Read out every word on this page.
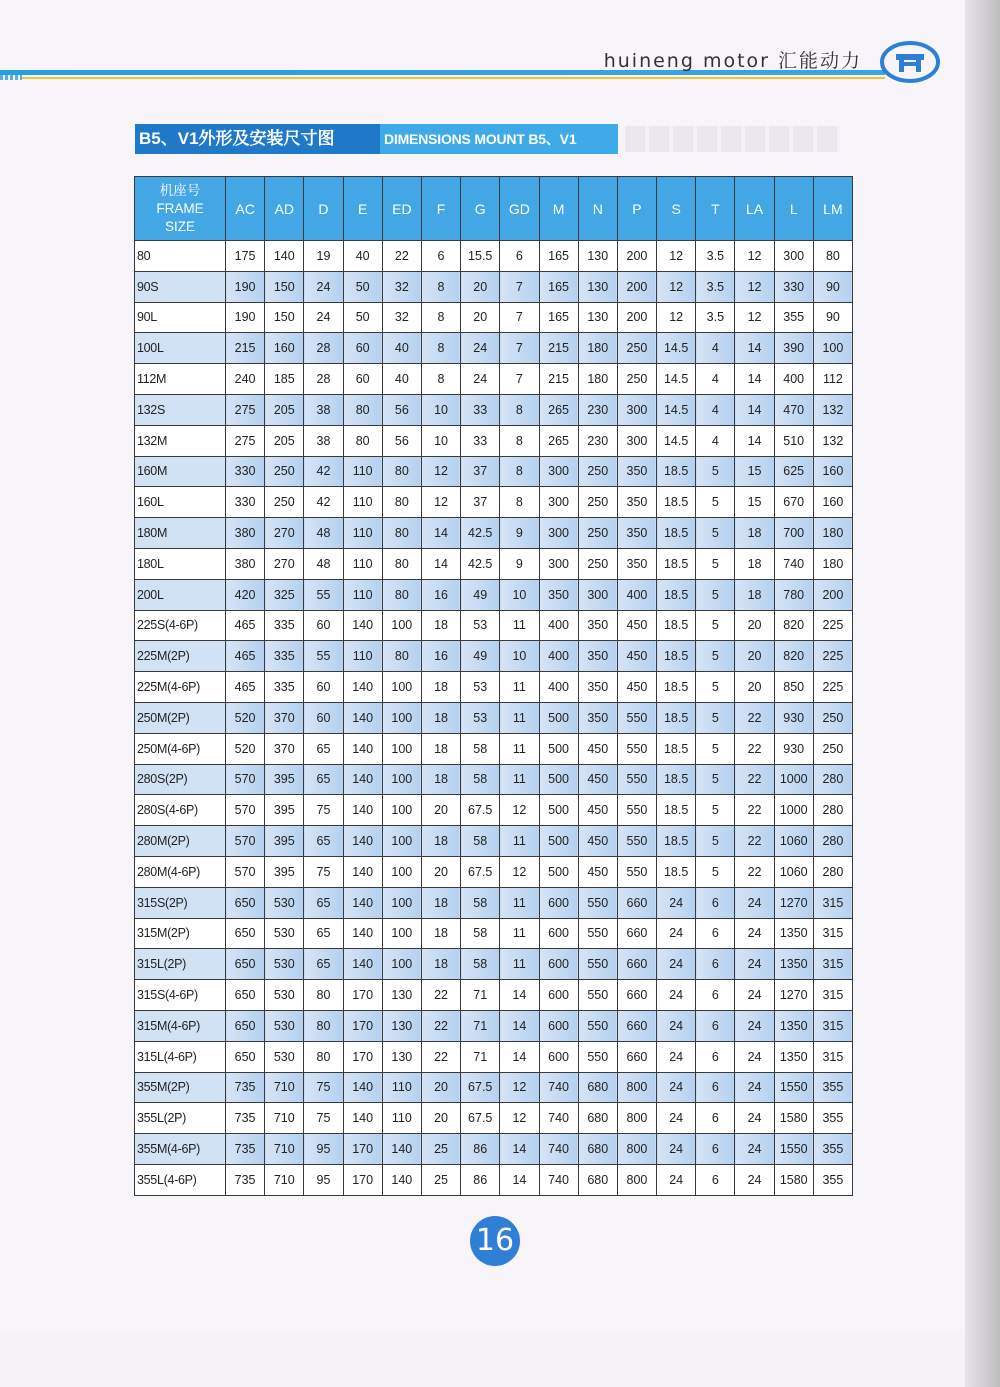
huineng motor 汇能动力
B5、V1外形及安装尺寸图	DIMENSIONS MOUNT B5、V1
机座号
FRAME
SIZE	AC	AD	D	E	ED	F	G	GD	M	N	P	S	T	LA	L	LM
80	175	140	19	40	22	6	15.5	6	165	130	200	12	3.5	12	300	80
90S	190	150	24	50	32	8	20	7	165	130	200	12	3.5	12	330	90
90L	190	150	24	50	32	8	20	7	165	130	200	12	3.5	12	355	90
100L	215	160	28	60	40	8	24	7	215	180	250	14.5	4	14	390	100
112M	240	185	28	60	40	8	24	7	215	180	250	14.5	4	14	400	112
132S	275	205	38	80	56	10	33	8	265	230	300	14.5	4	14	470	132
132M	275	205	38	80	56	10	33	8	265	230	300	14.5	4	14	510	132
160M	330	250	42	110	80	12	37	8	300	250	350	18.5	5	15	625	160
160L	330	250	42	110	80	12	37	8	300	250	350	18.5	5	15	670	160
180M	380	270	48	110	80	14	42.5	9	300	250	350	18.5	5	18	700	180
180L	380	270	48	110	80	14	42.5	9	300	250	350	18.5	5	18	740	180
200L	420	325	55	110	80	16	49	10	350	300	400	18.5	5	18	780	200
225S(4-6P)	465	335	60	140	100	18	53	11	400	350	450	18.5	5	20	820	225
225M(2P)	465	335	55	110	80	16	49	10	400	350	450	18.5	5	20	820	225
225M(4-6P)	465	335	60	140	100	18	53	11	400	350	450	18.5	5	20	850	225
250M(2P)	520	370	60	140	100	18	53	11	500	350	550	18.5	5	22	930	250
250M(4-6P)	520	370	65	140	100	18	58	11	500	450	550	18.5	5	22	930	250
280S(2P)	570	395	65	140	100	18	58	11	500	450	550	18.5	5	22	1000	280
280S(4-6P)	570	395	75	140	100	20	67.5	12	500	450	550	18.5	5	22	1000	280
280M(2P)	570	395	65	140	100	18	58	11	500	450	550	18.5	5	22	1060	280
280M(4-6P)	570	395	75	140	100	20	67.5	12	500	450	550	18.5	5	22	1060	280
315S(2P)	650	530	65	140	100	18	58	11	600	550	660	24	6	24	1270	315
315M(2P)	650	530	65	140	100	18	58	11	600	550	660	24	6	24	1350	315
315L(2P)	650	530	65	140	100	18	58	11	600	550	660	24	6	24	1350	315
315S(4-6P)	650	530	80	170	130	22	71	14	600	550	660	24	6	24	1270	315
315M(4-6P)	650	530	80	170	130	22	71	14	600	550	660	24	6	24	1350	315
315L(4-6P)	650	530	80	170	130	22	71	14	600	550	660	24	6	24	1350	315
355M(2P)	735	710	75	140	110	20	67.5	12	740	680	800	24	6	24	1550	355
355L(2P)	735	710	75	140	110	20	67.5	12	740	680	800	24	6	24	1580	355
355M(4-6P)	735	710	95	170	140	25	86	14	740	680	800	24	6	24	1550	355
355L(4-6P)	735	710	95	170	140	25	86	14	740	680	800	24	6	24	1580	355
16
